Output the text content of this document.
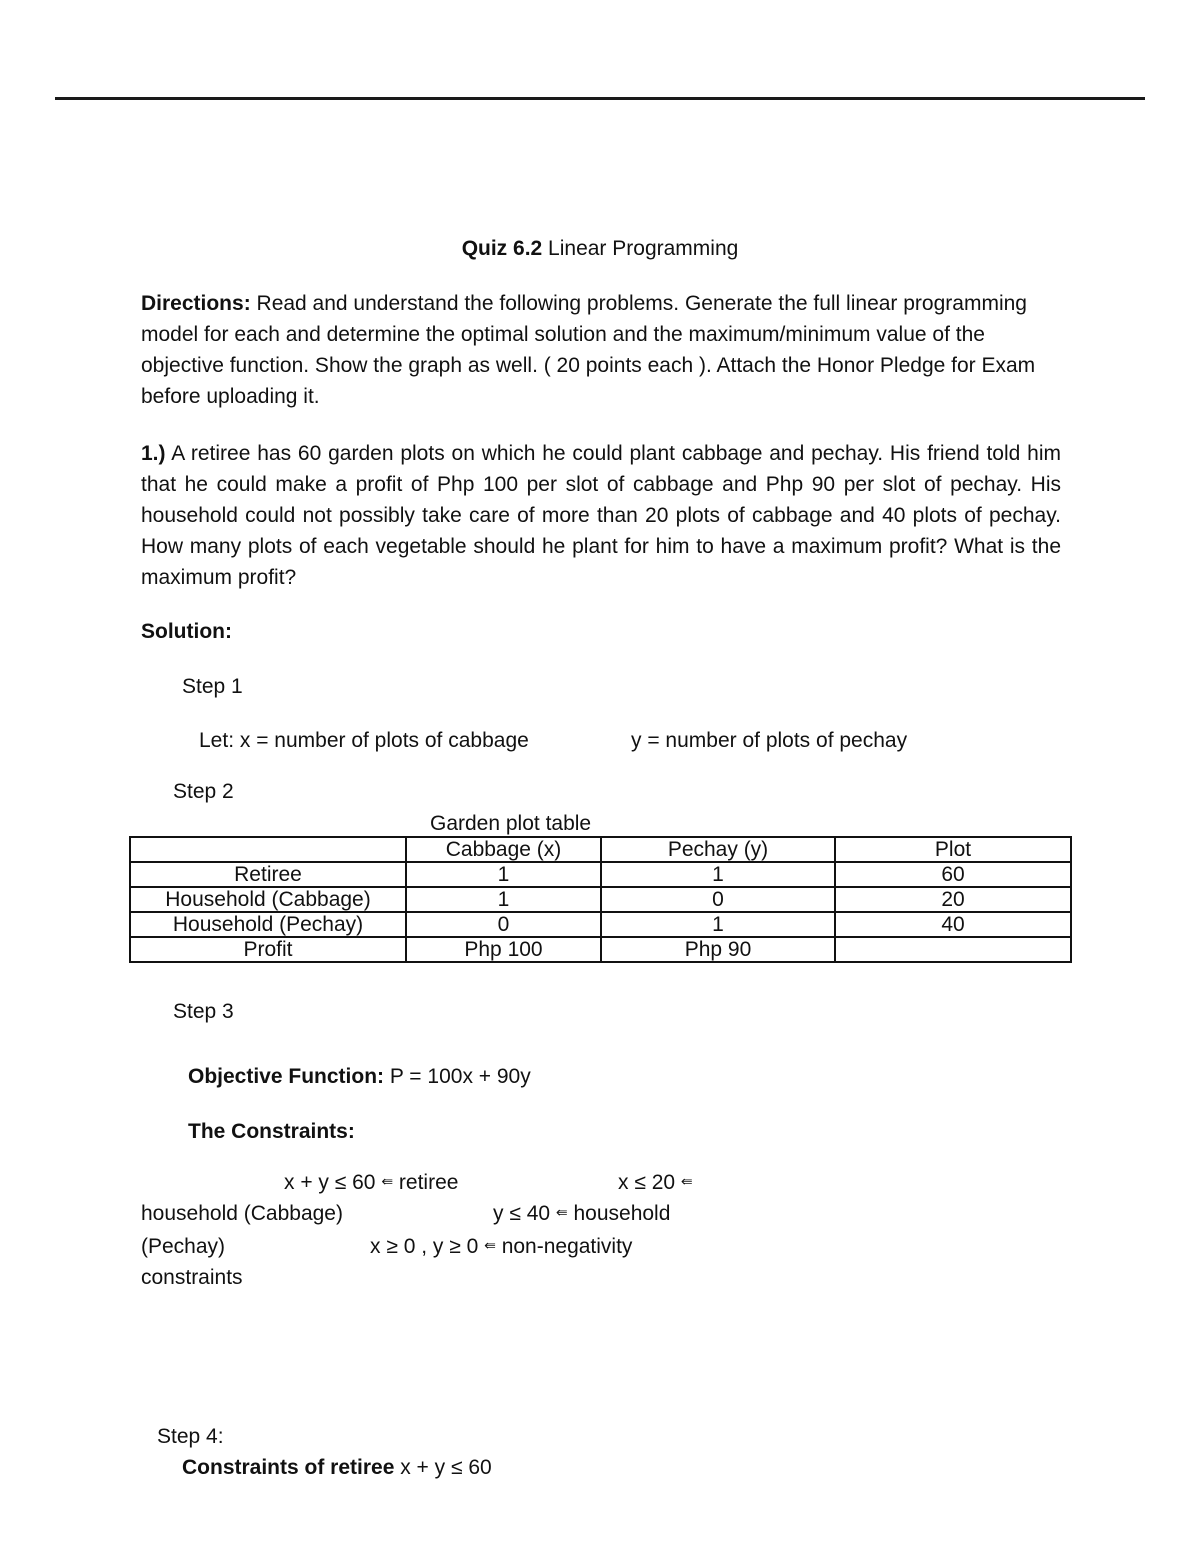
Quiz 6.2 Linear Programming
Directions: Read and understand the following problems. Generate the full linear programming model for each and determine the optimal solution and the maximum/minimum value of the objective function. Show the graph as well. ( 20 points each ). Attach the Honor Pledge for Exam before uploading it.
1.) A retiree has 60 garden plots on which he could plant cabbage and pechay. His friend told him that he could make a profit of Php 100 per slot of cabbage and Php 90 per slot of pechay. His household could not possibly take care of more than 20 plots of cabbage and 40 plots of pechay. How many plots of each vegetable should he plant for him to have a maximum profit? What is the maximum profit?
Solution:
Step 1
Let: x = number of plots of cabbage	y = number of plots of pechay
Step 2
Garden plot table
	Cabbage (x)	Pechay (y)	Plot
Retiree	1	1	60
Household (Cabbage)	1	0	20
Household (Pechay)	0	1	40
Profit	Php 100	Php 90	
Step 3
Objective Function: P = 100x + 90y
The Constraints:
x + y ≤ 60 ⇚ retiree	x ≤ 20 ⇚
household (Cabbage)	y ≤ 40 ⇚ household
(Pechay)	x ≥ 0 , y ≥ 0 ⇚ non-negativity
constraints
Step 4:
Constraints of retiree x + y ≤ 60
